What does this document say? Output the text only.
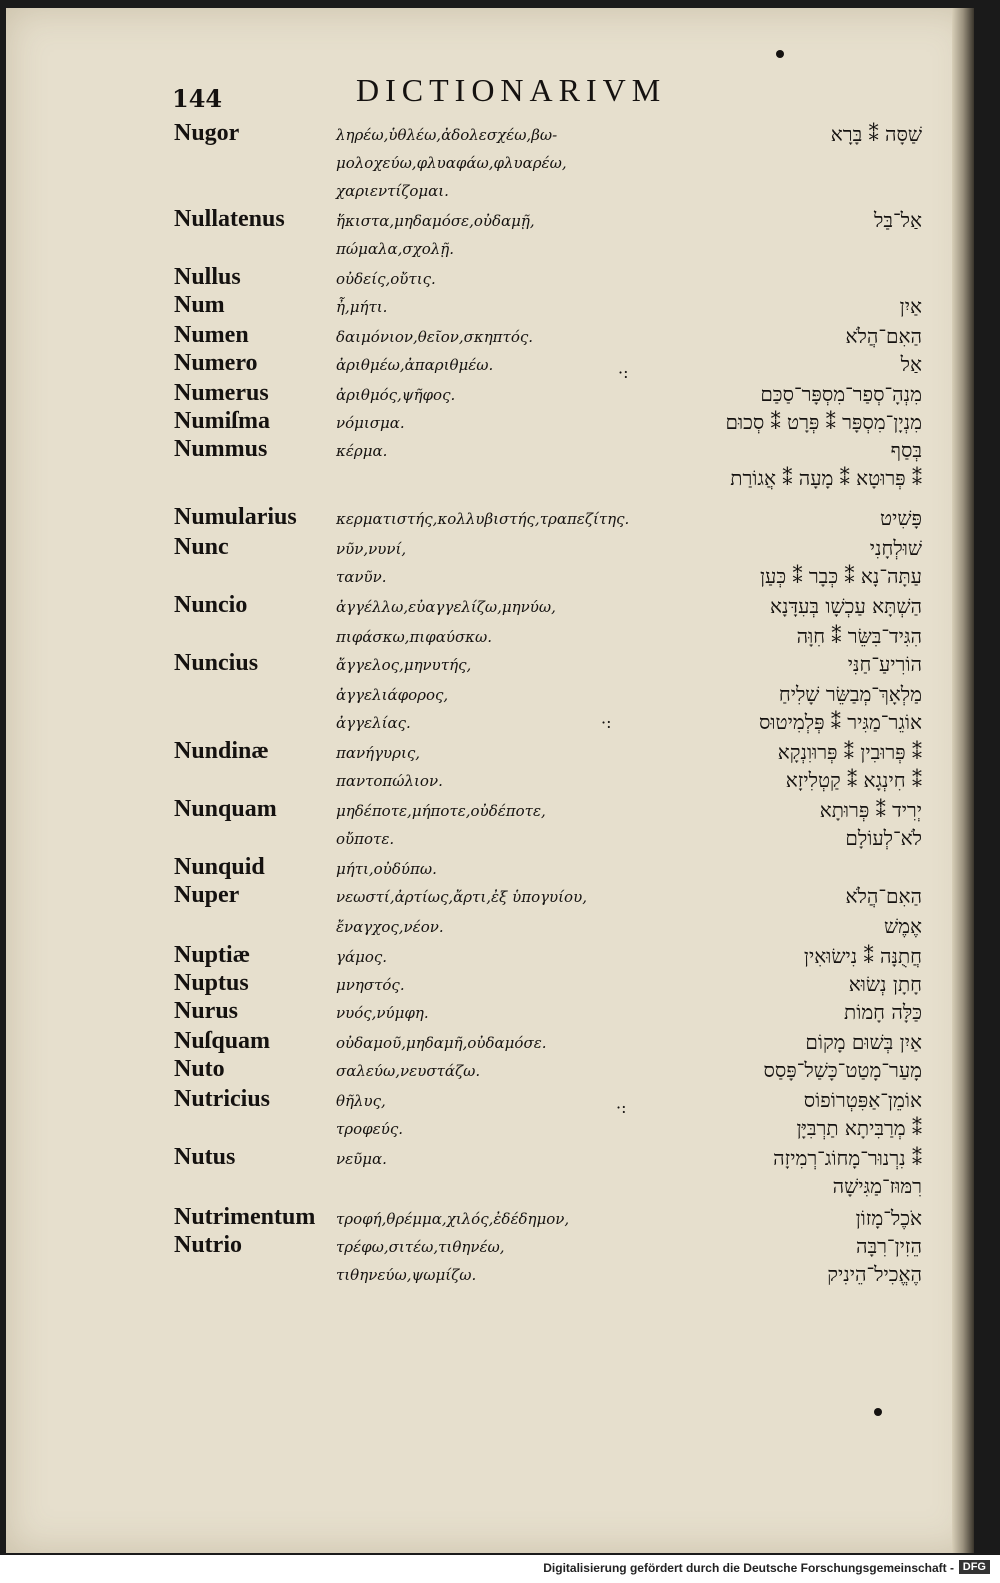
144	DICTIONARIVM
Nugor	ληρέω,ὑθλέω,ἀδολεσχέω,βω-	שַׁסָּה ⁑ בָּרָא
μολοχεύω,φλυαφάω,φλυαρέω,
χαριεντίζομαι.
Nullatenus	ἥκιστα,μηδαμόσε,οὐδαμῇ,	אַל־בַּל
πώμαλα,σχολῇ.
Nullus	οὐδείς,οὔτις.
Num	ἦ,μήτι.	אַיִן
Numen	δαιμόνιον,θεῖον,σκηπτός.	הַאִם־הֲלֹא
Numero	ἀριθμέω,ἀπαριθμέω.	אַל
Numerus	ἀριθμός,ψῆφος.	מִנְהָ־סְפַר־מִסְפָּר־סַכַּם
Numiſma	νόμισμα.	מִנְיָן־מִסְפָּר ⁑ פְּרָט ⁑ סְכוּם
Nummus	κέρμα.	בְּסַף
⁑ פְּרוּטָא ⁑ מָעָה ⁑ אֲגוֹרַת
Numularius	κερματιστής,κολλυβιστής,τραπεζίτης.	פָּשִׁיט
Nunc	νῦν,νυνί,	שׁוּלְחָנִי
τανῦν.	עַתָּה־נָא ⁑ כְּבָר ⁑ כְּעַן
Nuncio	ἀγγέλλω,εὐαγγελίζω,μηνύω,	הַשְׁתָּא עַכְשָׁו בְּעִדָּנָא
πιφάσκω,πιφαύσκω.	הִגִּיד־בִּשֵּׂר ⁑ חִוָּה
Nuncius	ἄγγελος,μηνυτής,	הוֹרִיעַ־חַנִּי
ἀγγελιάφορος,	מַלְאָךְ־מְבַשֵּׂר שָׁלִיחַ
ἀγγελίας.	אוֹגֵר־מַגִּיר ⁑ פְּלְמִיטוּס
Nundinæ	πανήγυρις,	⁑ פְּרוּבִין ⁑ פְּרוּוִנְקָא
παντοπώλιον.	⁑ חִינְגָא ⁑ קַטְלִיזָא
Nunquam	μηδέποτε,μήποτε,οὐδέποτε,	יְרִיד ⁑ פְּרוּתָא
οὔποτε.	לֹא־לְעוֹלָם
Nunquid	μήτι,οὐδύπω.
Nuper	νεωστί,ἀρτίως,ἄρτι,ἐξ ὑπογυίου,	הַאִם־הֲלֹא
ἔναγχος,νέον.	אֶמֶשׁ
Nuptiæ	γάμος.	חֲתֻנָּה ⁑ נִישׂוּאִין
Nuptus	μνηστός.	חָתָן נְשׂוּא
Nurus	νυός,νύμφη.	כַּלָּה חָמוֹת
Nuſquam	οὐδαμοῦ,μηδαμῆ,οὐδαμόσε.	אַיִן בְּשׁוּם מָקוֹם
Nuto	σαλεύω,νευστάζω.	מָעַר־מָטַט־כָּשַׁל־פָּסַס
Nutricius	θῆλυς,	אוֹמֵן־אַפִּטְרוֹפוֹס
τροφεύς.	⁑ מְרַבִּיתָא תַרְבִּיָּן
Nutus	νεῦμα.	⁑ נִרְנוּר־מָחוֹג־רְמִיזָה
רִמּוּז־מַגִּישָׁה
Nutrimentum τροφή,θρέμμα,χιλός,ἐδέδημον,	אֹכֶל־מָזוֹן
Nutrio	τρέφω,σιτέω,τιθηνέω,	הֵזִין־רִבָּה
τιθηνεύω,ψωμίζω.	הֶאֱכִיל־הֵינִיק
·:
·:
·:
Digitalisierung gefördert durch die Deutsche Forschungsgemeinschaft - DFG
